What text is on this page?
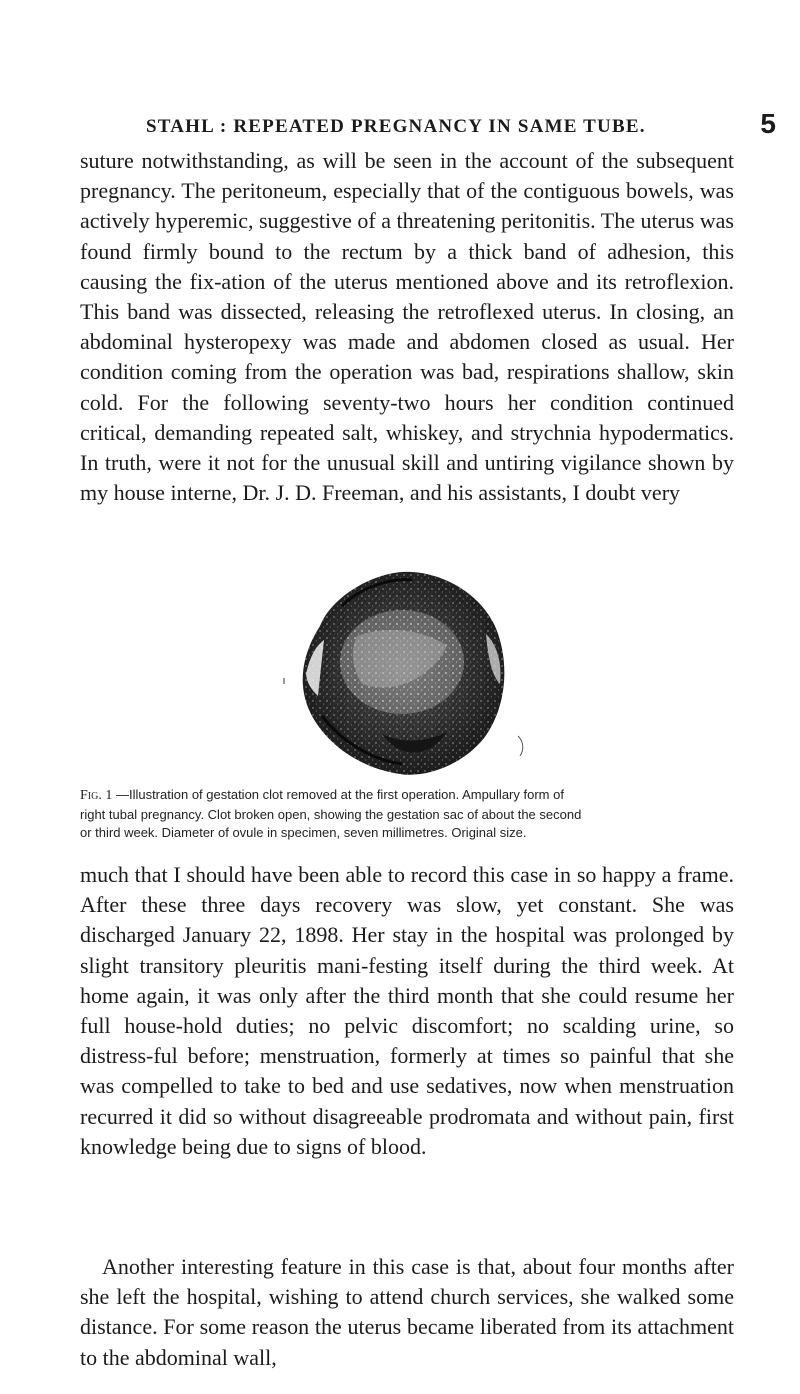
STAHL : REPEATED PREGNANCY IN SAME TUBE.	5

suture notwithstanding, as will be seen in the account of the subsequent pregnancy. The peritoneum, especially that of the contiguous bowels, was actively hyperemic, suggestive of a threatening peritonitis. The uterus was found firmly bound to the rectum by a thick band of adhesion, this causing the fix-ation of the uterus mentioned above and its retroflexion. This band was dissected, releasing the retroflexed uterus. In closing, an abdominal hysteropexy was made and abdomen closed as usual. Her condition coming from the operation was bad, respirations shallow, skin cold. For the following seventy-two hours her condition continued critical, demanding repeated salt, whiskey, and strychnia hypodermatics. In truth, were it not for the unusual skill and untiring vigilance shown by my house interne, Dr. J. D. Freeman, and his assistants, I doubt very

Fig. 1 —Illustration of gestation clot removed at the first operation. Ampullary form of
right tubal pregnancy. Clot broken open, showing the gestation sac of about the second
or third week. Diameter of ovule in specimen, seven millimetres. Original size.

much that I should have been able to record this case in so happy a frame. After these three days recovery was slow, yet constant. She was discharged January 22, 1898. Her stay in the hospital was prolonged by slight transitory pleuritis mani-festing itself during the third week. At home again, it was only after the third month that she could resume her full house-hold duties; no pelvic discomfort; no scalding urine, so distress-ful before; menstruation, formerly at times so painful that she was compelled to take to bed and use sedatives, now when menstruation recurred it did so without disagreeable prodromata and without pain, first knowledge being due to signs of blood.

Another interesting feature in this case is that, about four months after she left the hospital, wishing to attend church services, she walked some distance. For some reason the uterus became liberated from its attachment to the abdominal wall,
